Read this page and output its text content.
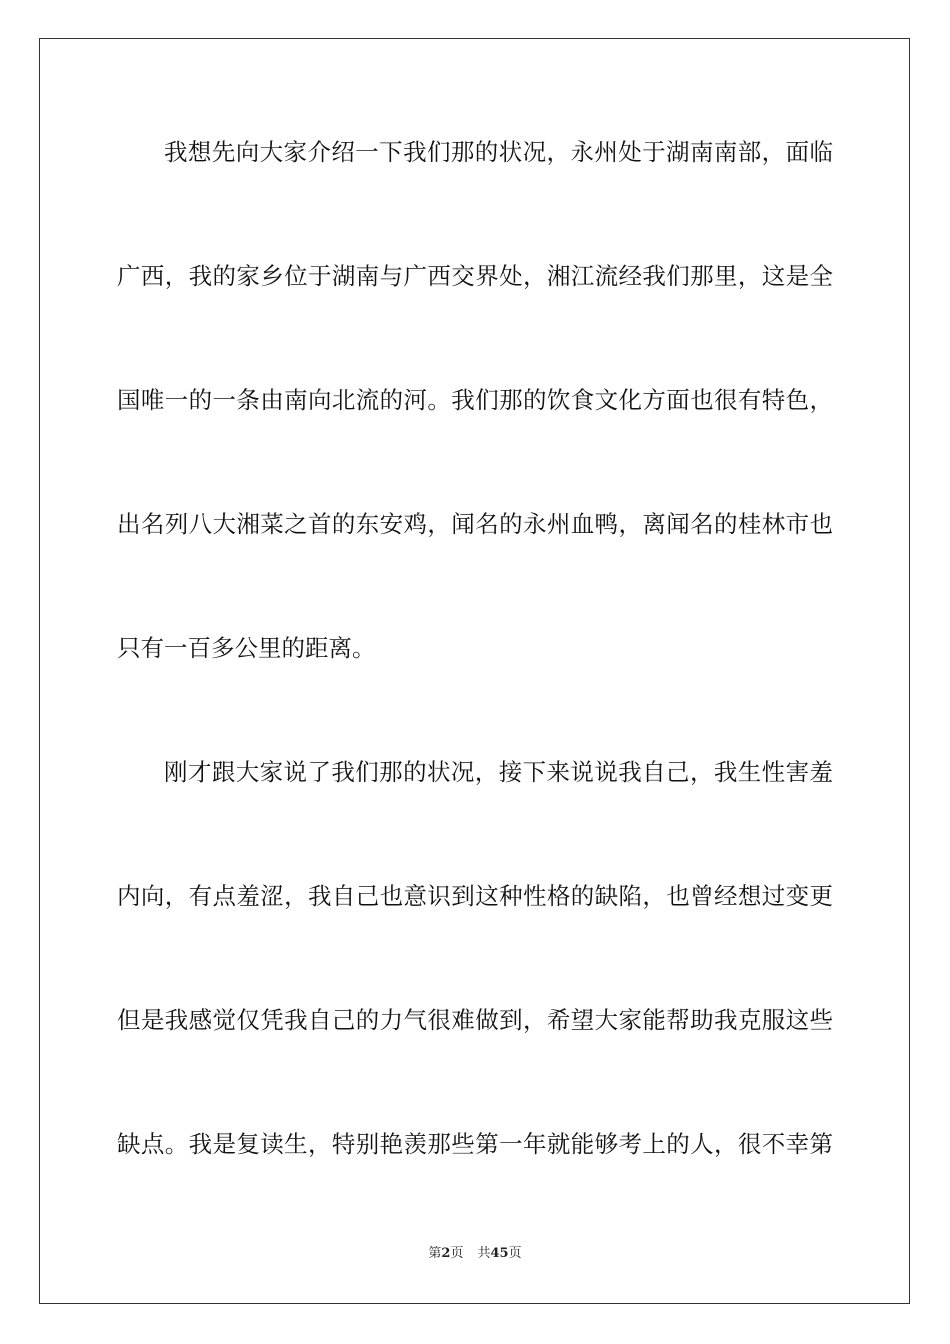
我想先向大家介绍一下我们那的状况，永州处于湖南南部，面临
广西，我的家乡位于湖南与广西交界处，湘江流经我们那里，这是全
国唯一的一条由南向北流的河。我们那的饮食文化方面也很有特色，
出名列八大湘菜之首的东安鸡，闻名的永州血鸭，离闻名的桂林市也
只有一百多公里的距离。
刚才跟大家说了我们那的状况，接下来说说我自己，我生性害羞
内向，有点羞涩，我自己也意识到这种性格的缺陷，也曾经想过变更
但是我感觉仅凭我自己的力气很难做到，希望大家能帮助我克服这些
缺点。我是复读生，特别艳羡那些第一年就能够考上的人，很不幸第
第2页 共45页
